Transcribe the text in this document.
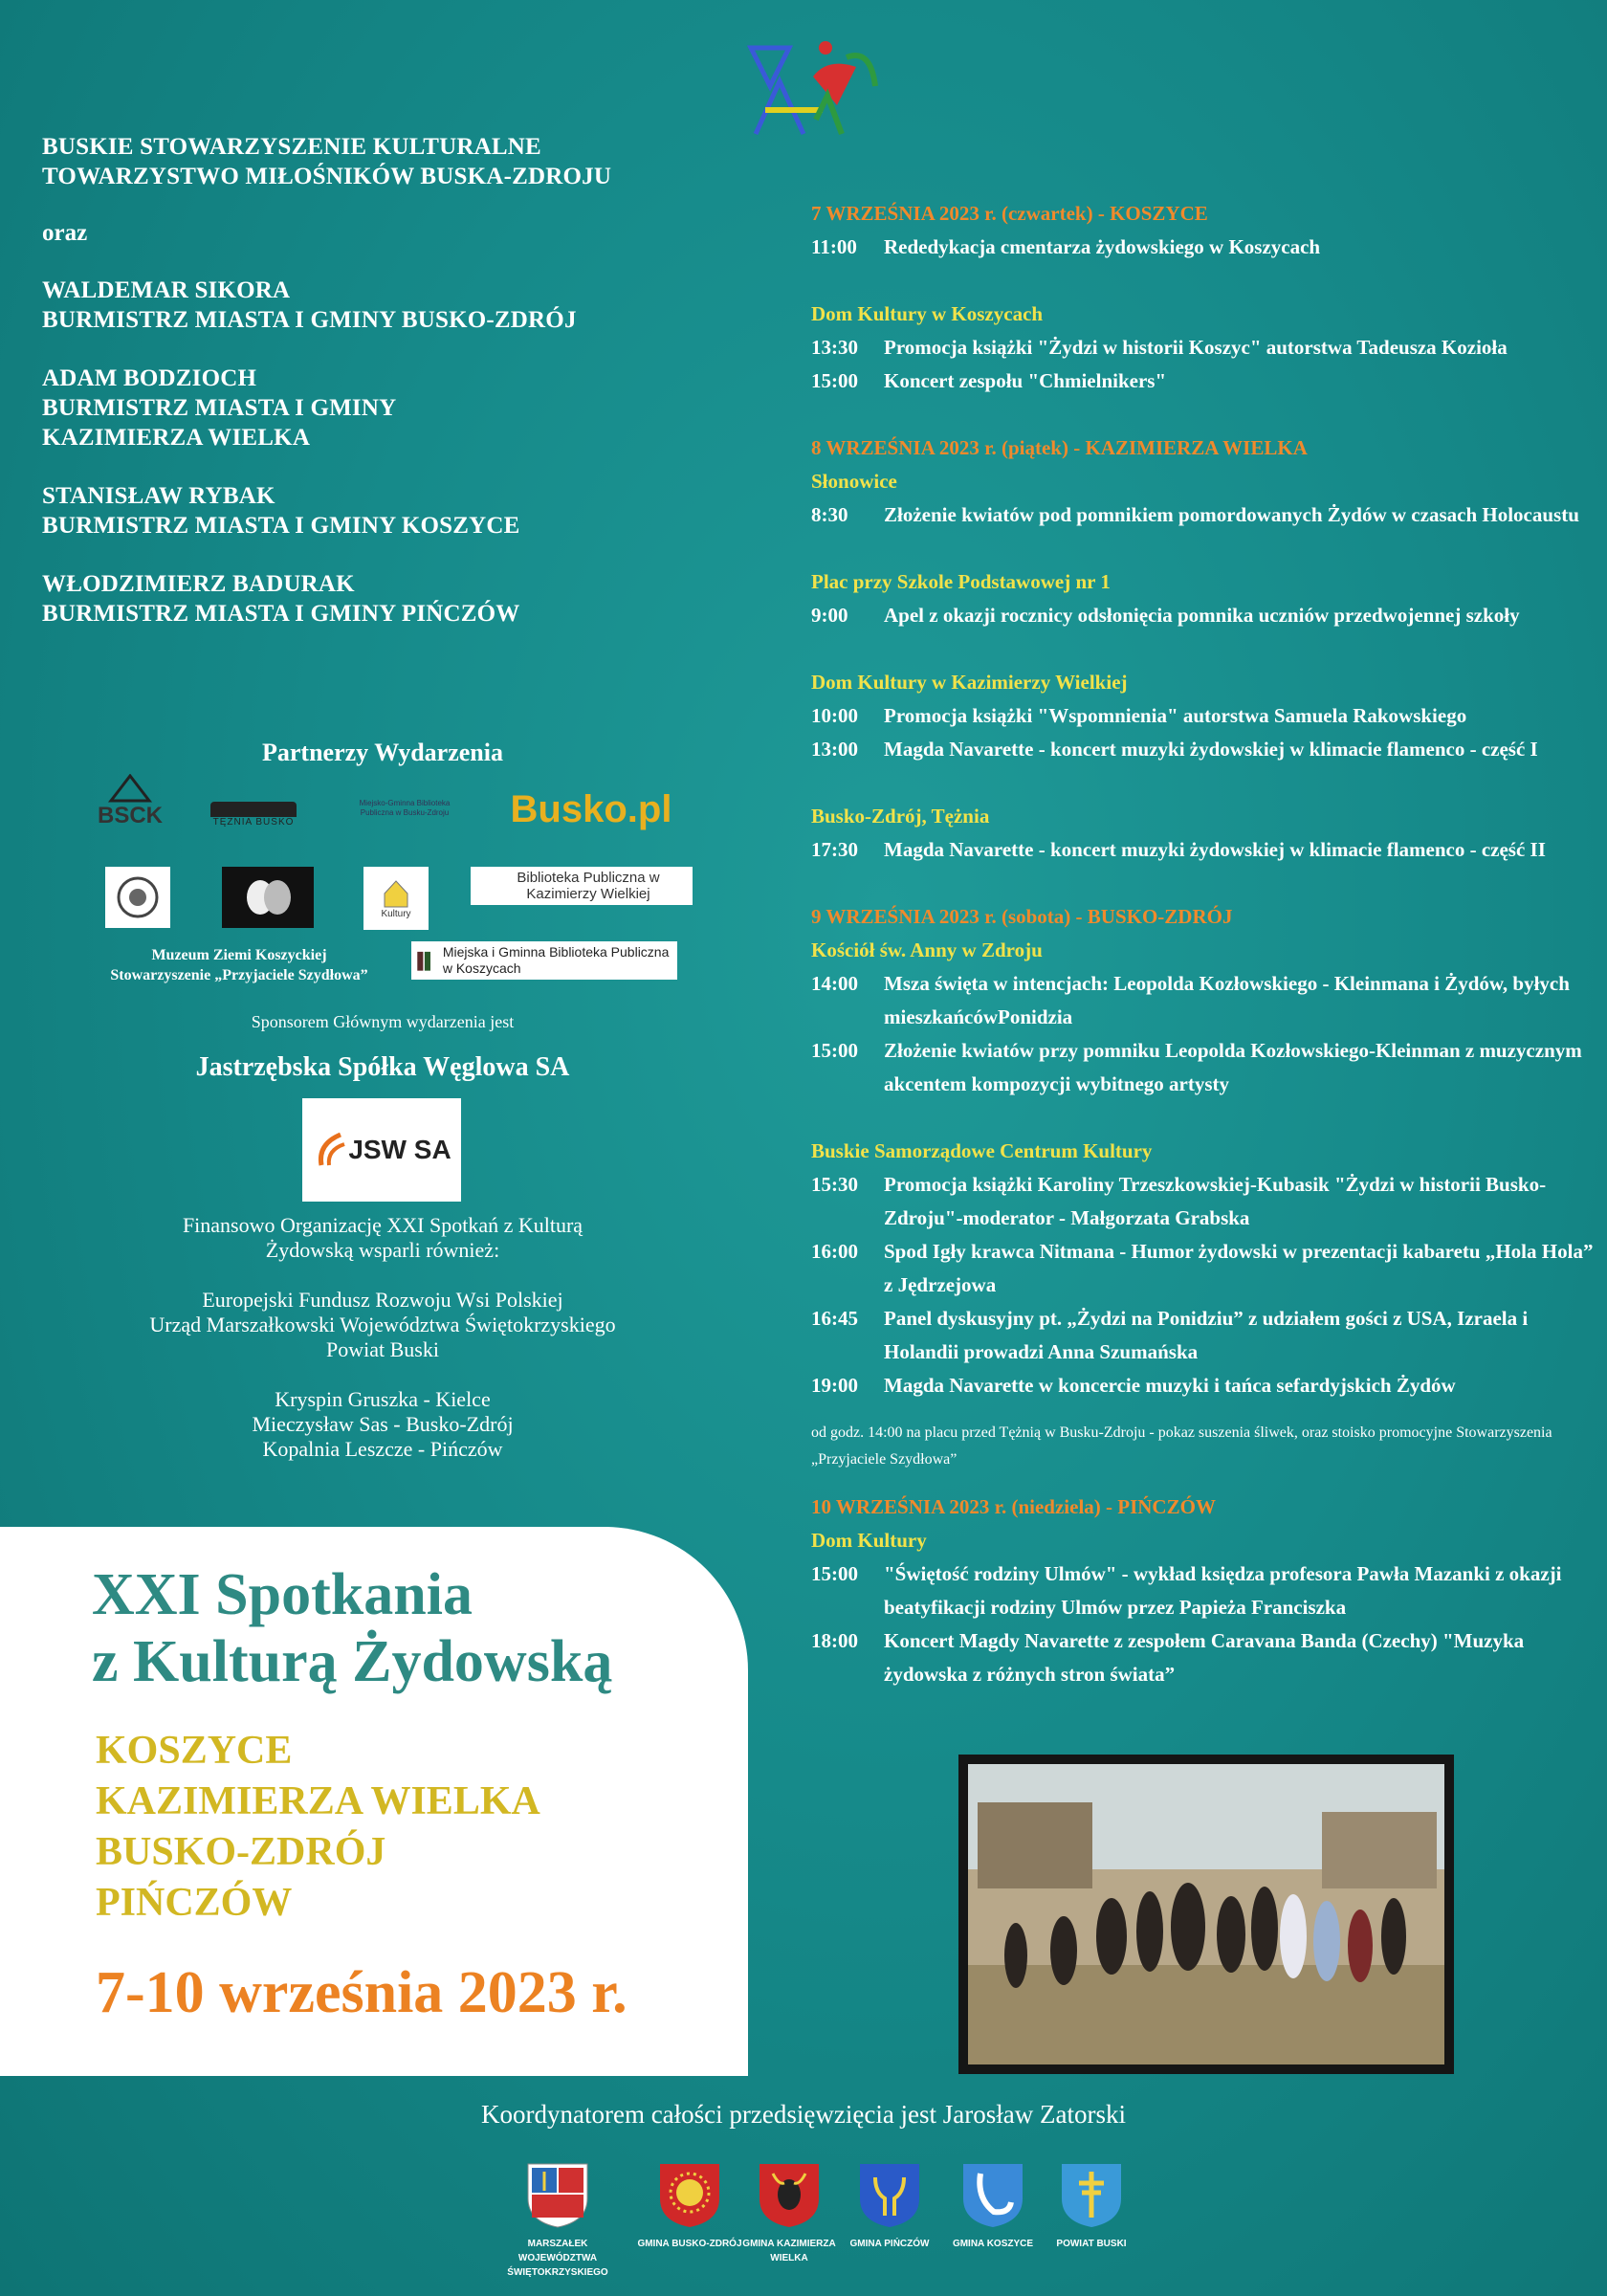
BUSKIE STOWARZYSZENIE KULTURALNE
TOWARZYSTWO MIŁOŚNIKÓW BUSKA-ZDROJU
oraz
WALDEMAR SIKORA
BURMISTRZ MIASTA I GMINY BUSKO-ZDRÓJ
ADAM BODZIOCH
BURMISTRZ MIASTA I GMINY
KAZIMIERZA WIELKA
STANISŁAW RYBAK
BURMISTRZ MIASTA I GMINY KOSZYCE
WŁODZIMIERZ BADURAK
BURMISTRZ MIASTA I GMINY PIŃCZÓW
Partnerzy Wydarzenia
BSCK	TĘŻNIA BUSKO
Miejsko-Gminna Biblioteka Publiczna w Busku-Zdroju Busko.pl
Kultury
Biblioteka Publiczna w Kazimierzy Wielkiej
Muzeum Ziemi Koszyckiej
Stowarzyszenie „Przyjaciele Szydłowa”
Miejska i Gminna Biblioteka Publiczna w Koszycach
Sponsorem Głównym wydarzenia jest
Jastrzębska Spółka Węglowa SA
JSW SA

Finansowo Organizację XXI Spotkań z Kulturą
Żydowską wsparli również:

Europejski Fundusz Rozwoju Wsi Polskiej
Urząd Marszałkowski Województwa Świętokrzyskiego
Powiat Buski

Kryspin Gruszka - Kielce
Mieczysław Sas - Busko-Zdrój
Kopalnia Leszcze - Pińczów

XXI Spotkania
z Kulturą Żydowską
KOSZYCE
KAZIMIERZA WIELKA
BUSKO-ZDRÓJ
PIŃCZÓW
7-10 września 2023 r.
7 WRZEŚNIA 2023 r. (czwartek) - KOSZYCE
11:00	Rededykacja cmentarza żydowskiego w Koszycach
Dom Kultury w Koszycach
13:30	Promocja książki "Żydzi w historii Koszyc" autorstwa Tadeusza Kozioła
15:00	Koncert zespołu "Chmielnikers"
8 WRZEŚNIA 2023 r. (piątek) - KAZIMIERZA WIELKA
Słonowice
8:30	Złożenie kwiatów pod pomnikiem pomordowanych Żydów w czasach Holocaustu
Plac przy Szkole Podstawowej nr 1
9:00	Apel z okazji rocznicy odsłonięcia pomnika uczniów przedwojennej szkoły
Dom Kultury w Kazimierzy Wielkiej
10:00	Promocja książki "Wspomnienia" autorstwa Samuela Rakowskiego
13:00	Magda Navarette - koncert muzyki żydowskiej w klimacie flamenco - część I
Busko-Zdrój, Tężnia
17:30	Magda Navarette - koncert muzyki żydowskiej w klimacie flamenco - część II
9 WRZEŚNIA 2023 r. (sobota) - BUSKO-ZDRÓJ
Kościół św. Anny w Zdroju
14:00	Msza święta w intencjach: Leopolda Kozłowskiego - Kleinmana i Żydów, byłych mieszkańcówPonidzia
15:00	Złożenie kwiatów przy pomniku Leopolda Kozłowskiego-Kleinman z muzycznym akcentem kompozycji wybitnego artysty
Buskie Samorządowe Centrum Kultury
15:30	Promocja książki Karoliny Trzeszkowskiej-Kubasik "Żydzi w historii Busko-Zdroju"-moderator - Małgorzata Grabska
16:00	Spod Igły krawca Nitmana - Humor żydowski w prezentacji kabaretu „Hola Hola” z Jędrzejowa
16:45	Panel dyskusyjny pt. „Żydzi na Ponidziu” z udziałem gości z USA, Izraela i Holandii prowadzi Anna Szumańska
19:00	Magda Navarette w koncercie muzyki i tańca sefardyjskich Żydów
od godz. 14:00 na placu przed Tężnią w Busku-Zdroju - pokaz suszenia śliwek, oraz stoisko promocyjne Stowarzyszenia „Przyjaciele Szydłowa”
10 WRZEŚNIA 2023 r. (niedziela) - PIŃCZÓW
Dom Kultury
15:00	"Świętość rodziny Ulmów" - wykład księdza profesora Pawła Mazanki z okazji beatyfikacji rodziny Ulmów przez Papieża Franciszka
18:00	Koncert Magdy Navarette z zespołem Caravana Banda (Czechy) "Muzyka żydowska z różnych stron świata”
Koordynatorem całości przedsięwzięcia jest Jarosław Zatorski
MARSZAŁEK WOJEWÓDZTWA ŚWIĘTOKRZYSKIEGO
GMINA BUSKO-ZDRÓJ GMINA KAZIMIERZA WIELKA
GMINA PIŃCZÓW	GMINA KOSZYCE	POWIAT BUSKI
